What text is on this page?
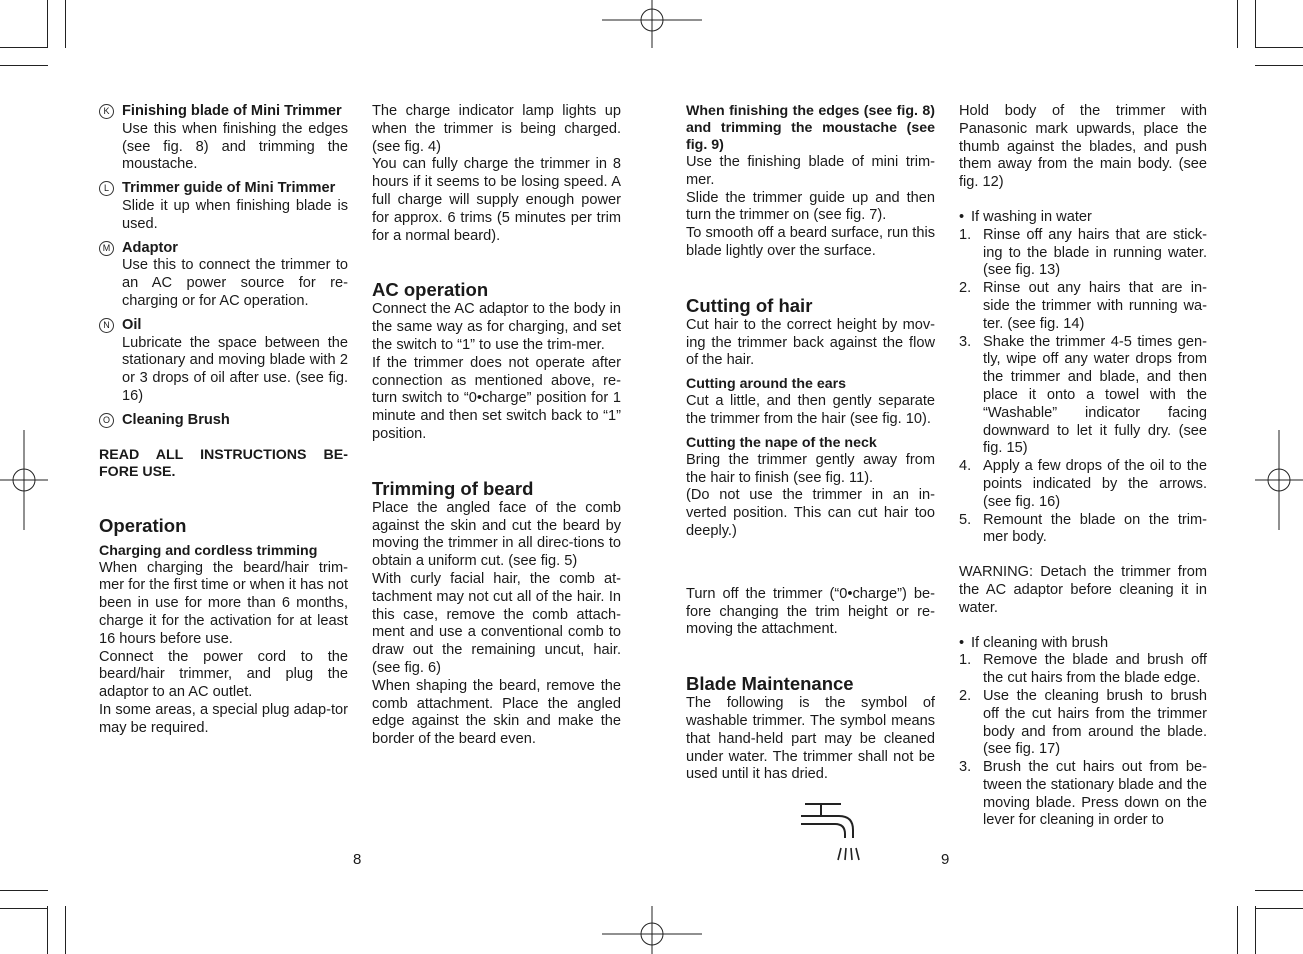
K Finishing blade of Mini Trimmer
Use this when finishing the edges (see fig. 8) and trimming the moustache.
L Trimmer guide of Mini Trimmer
Slide it up when finishing blade is used.
M Adaptor
Use this to connect the trimmer to an AC power source for re-charging or for AC operation.
N Oil
Lubricate the space between the stationary and moving blade with 2 or 3 drops of oil after use. (see fig. 16)
O Cleaning Brush

READ ALL INSTRUCTIONS BE-FORE USE.

Operation

Charging and cordless trimming

When charging the beard/hair trim-mer for the first time or when it has not been in use for more than 6 months, charge it for the activation for at least 16 hours before use.

Connect the power cord to the beard/hair trimmer, and plug the adaptor to an AC outlet.

In some areas, a special plug adap-tor may be required.

The charge indicator lamp lights up when the trimmer is being charged. (see fig. 4)

You can fully charge the trimmer in 8 hours if it seems to be losing speed. A full charge will supply enough power for approx. 6 trims (5 minutes per trim for a normal beard).

AC operation

Connect the AC adaptor to the body in the same way as for charging, and set the switch to “1” to use the trim-mer.

If the trimmer does not operate after connection as mentioned above, re-turn switch to “0•charge” position for 1 minute and then set switch back to “1” position.

Trimming of beard

Place the angled face of the comb against the skin and cut the beard by moving the trimmer in all direc-tions to obtain a uniform cut. (see fig. 5)

With curly facial hair, the comb at-tachment may not cut all of the hair. In this case, remove the comb attach-ment and use a conventional comb to draw out the remaining uncut, hair. (see fig. 6)

When shaping the beard, remove the comb attachment. Place the angled edge against the skin and make the border of the beard even.

When finishing the edges (see fig. 8) and trimming the moustache (see fig. 9)

Use the finishing blade of mini trim-mer.

Slide the trimmer guide up and then turn the trimmer on (see fig. 7).

To smooth off a beard surface, run this blade lightly over the surface.

Cutting of hair

Cut hair to the correct height by mov-ing the trimmer back against the flow of the hair.

Cutting around the ears

Cut a little, and then gently separate the trimmer from the hair (see fig. 10).

Cutting the nape of the neck

Bring the trimmer gently away from the hair to finish (see fig. 11).

(Do not use the trimmer in an in-verted position. This can cut hair too deeply.)

Turn off the trimmer (“0•charge”) be-fore changing the trim height or re-moving the attachment.

Blade Maintenance

The following is the symbol of washable trimmer. The symbol means that hand-held part may be cleaned under water. The trimmer shall not be used until it has dried.

Hold body of the trimmer with Panasonic mark upwards, place the thumb against the blades, and push them away from the main body. (see fig. 12)

• If washing in water
1. Rinse off any hairs that are stick-ing to the blade in running water. (see fig. 13)
2. Rinse out any hairs that are in-side the trimmer with running wa-ter. (see fig. 14)
3. Shake the trimmer 4-5 times gen-tly, wipe off any water drops from the trimmer and blade, and then place it onto a towel with the “Washable” indicator facing downward to let it fully dry. (see fig. 15)
4. Apply a few drops of the oil to the points indicated by the arrows. (see fig. 16)
5. Remount the blade on the trim-mer body.

WARNING: Detach the trimmer from the AC adaptor before cleaning it in water.

• If cleaning with brush
1. Remove the blade and brush off the cut hairs from the blade edge.
2. Use the cleaning brush to brush off the cut hairs from the trimmer body and from around the blade. (see fig. 17)
3. Brush the cut hairs out from be-tween the stationary blade and the moving blade. Press down on the lever for cleaning in order to
8	9
